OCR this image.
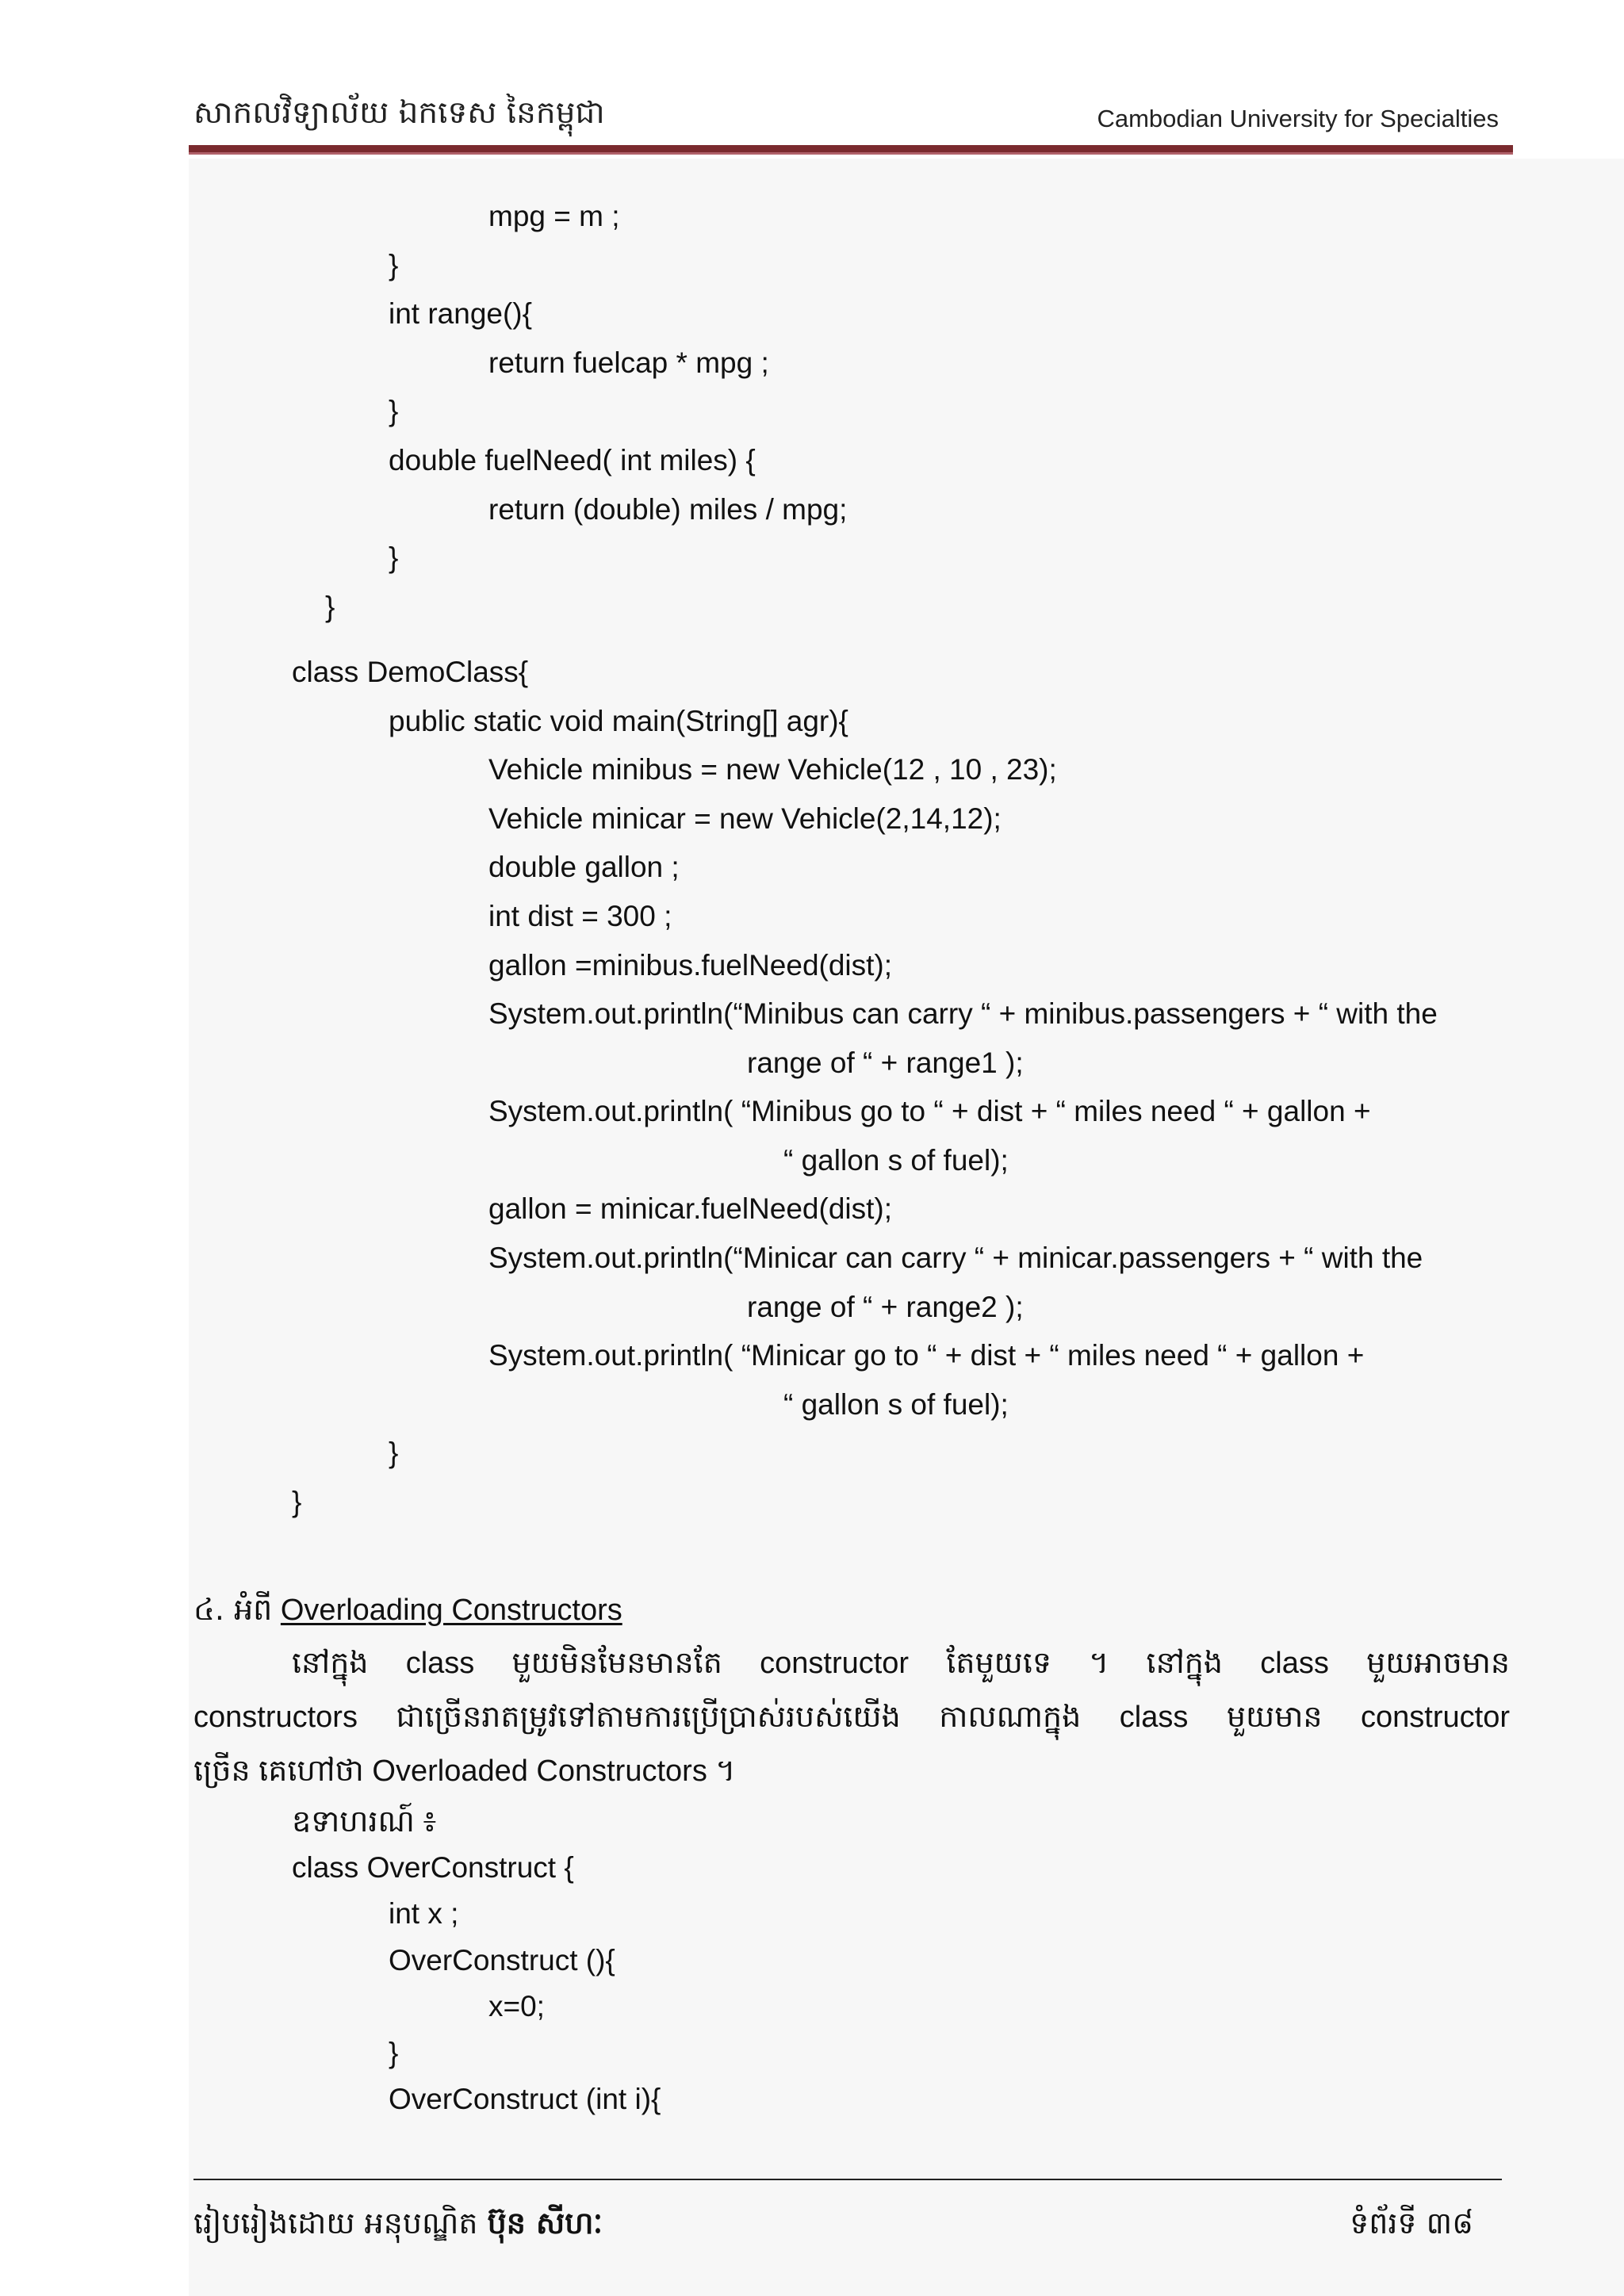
សាកលវិទ្យាល័យ ឯកទេស នៃកម្ពុជា	Cambodian University for Specialties
mpg = m ;
}
int range(){
return fuelcap * mpg ;
}
double fuelNeed( int miles) {
return (double) miles / mpg;
}
}
class DemoClass{
public static void main(String[] agr){
Vehicle minibus = new Vehicle(12 , 10 , 23);
Vehicle minicar = new Vehicle(2,14,12);
double gallon ;
int dist = 300 ;
gallon =minibus.fuelNeed(dist);
System.out.println(“Minibus can carry “ + minibus.passengers + “ with the
range of “ + range1 );
System.out.println( “Minibus go to “ + dist + “ miles need “ + gallon +
“ gallon s of fuel);
gallon = minicar.fuelNeed(dist);
System.out.println(“Minicar can carry “ + minicar.passengers + “ with the
range of “ + range2 );
System.out.println( “Minicar go to “ + dist + “ miles need “ + gallon +
“ gallon s of fuel);
}
}
៤. អំពី Overloading Constructors
នៅក្នុង class មួយមិនមែនមានតែ constructor តែមួយទេ ។ នៅក្នុង class មួយអាចមាន
constructors ជាច្រើនរាតម្រូវទៅតាមការប្រើប្រាស់របស់យើង កាលណាក្នុង class មួយមាន constructor
ច្រើន គេហៅថា Overloaded Constructors ។
ឧទាហរណ៍ ៖
class OverConstruct {
int x ;
OverConstruct (){
x=0;
}
OverConstruct (int i){
រៀបរៀងដោយ អនុបណ្ឌិត ប៊ុន សីហៈ	ទំព័រទី ៣៨
